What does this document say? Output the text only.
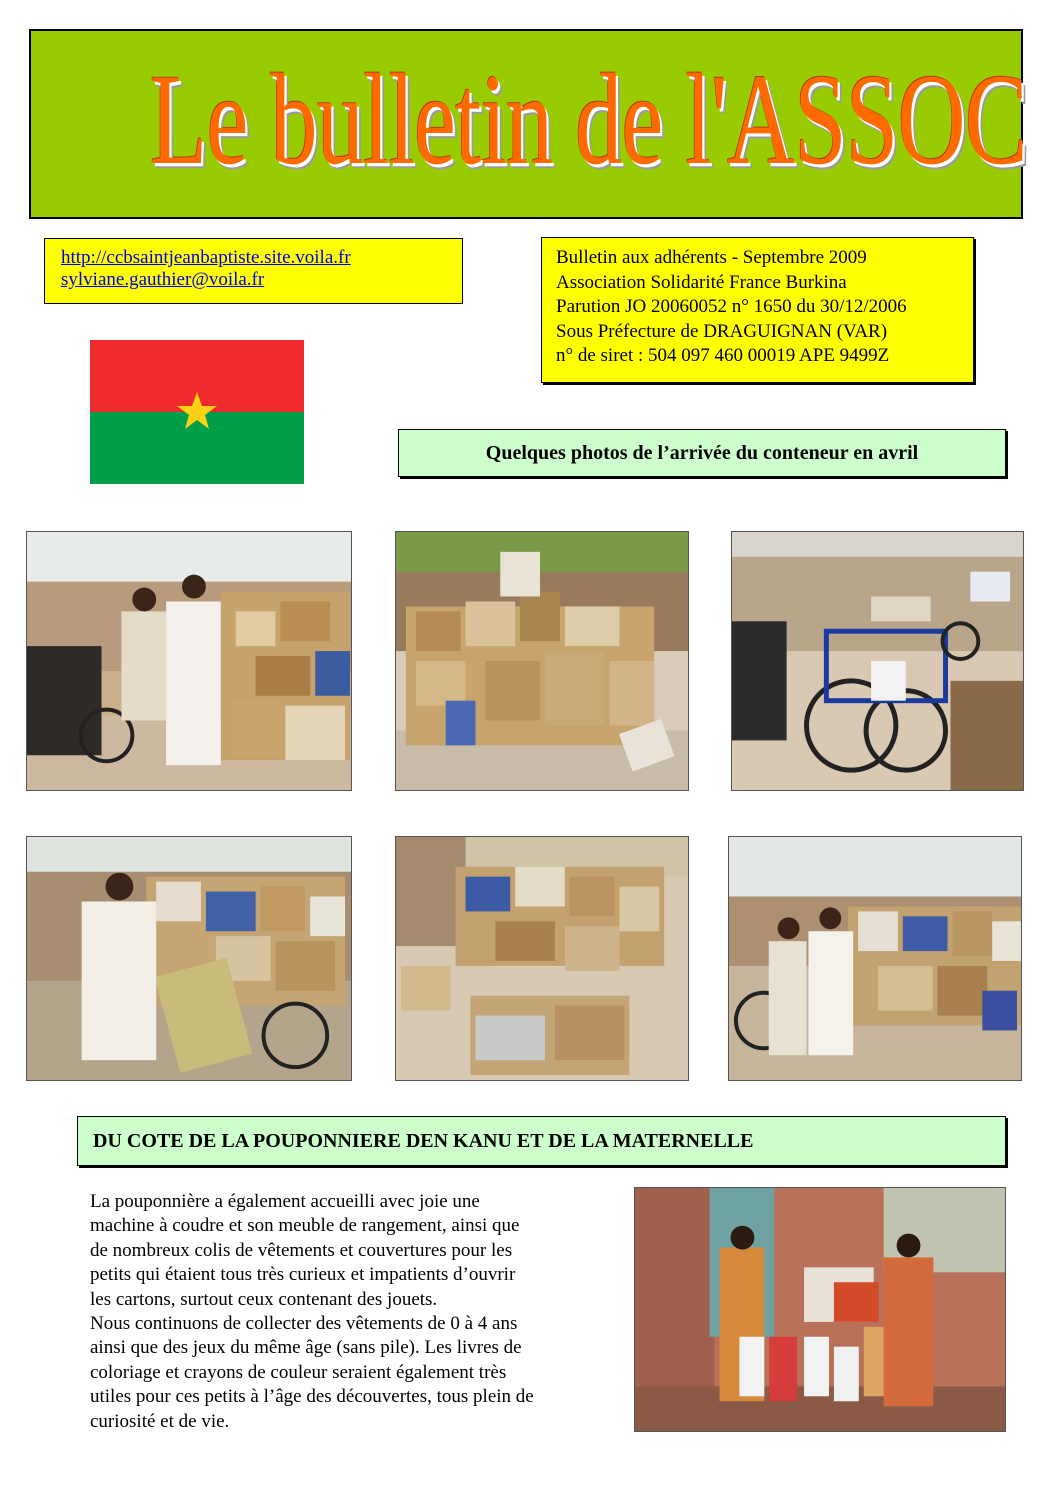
Le bulletin de l'ASSOC
http://ccbsaintjeanbaptiste.site.voila.fr
sylviane.gauthier@voila.fr
Bulletin aux adhérents - Septembre 2009
Association Solidarité France Burkina
Parution JO 20060052 n° 1650 du 30/12/2006
Sous Préfecture de DRAGUIGNAN (VAR)
n° de siret : 504 097 460 00019 APE 9499Z
Quelques photos de l’arrivée du conteneur en avril

La pouponnière a également accueilli avec joie une

machine à coudre et son meuble de rangement, ainsi que

de nombreux colis de vêtements et couvertures pour les

petits qui étaient tous très curieux et impatients d’ouvrir

les cartons, surtout ceux contenant des jouets.

Nous continuons de collecter des vêtements de 0 à 4 ans

ainsi que des jeux du même âge (sans pile). Les livres de

coloriage et crayons de couleur seraient également très

utiles pour ces petits à l’âge des découvertes, tous plein de

curiosité et de vie.

DU COTE DE LA POUPONNIERE DEN KANU ET DE LA MATERNELLE
